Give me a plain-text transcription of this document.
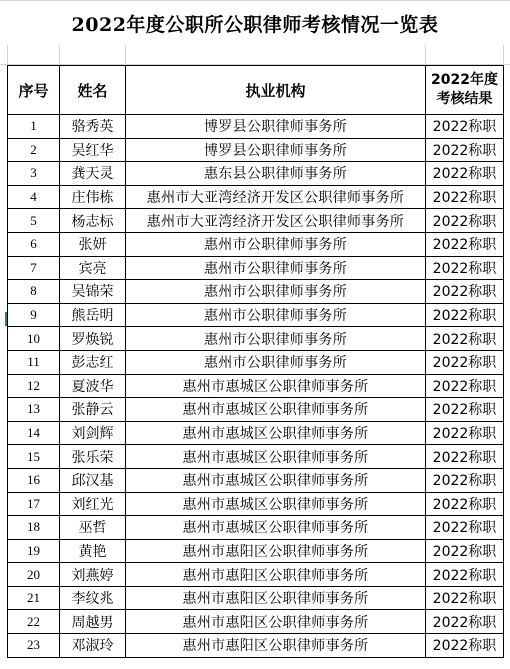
2022年度公职所公职律师考核情况一览表
序号	姓名	执业机构	2022年度
考核结果

1	骆秀英	博罗县公职律师事务所	2022称职
2	吴红华	博罗县公职律师事务所	2022称职
3	龚天灵	惠东县公职律师事务所	2022称职
4	庄伟栋	惠州市大亚湾经济开发区公职律师事务所	2022称职
5	杨志标	惠州市大亚湾经济开发区公职律师事务所	2022称职
6	张妍	惠州市公职律师事务所	2022称职
7	宾亮	惠州市公职律师事务所	2022称职
8	吴锦荣	惠州市公职律师事务所	2022称职
9	熊岳明	惠州市公职律师事务所	2022称职
10	罗焕锐	惠州市公职律师事务所	2022称职
11	彭志红	惠州市公职律师事务所	2022称职
12	夏波华	惠州市惠城区公职律师事务所	2022称职
13	张静云	惠州市惠城区公职律师事务所	2022称职
14	刘剑辉	惠州市惠城区公职律师事务所	2022称职
15	张乐荣	惠州市惠城区公职律师事务所	2022称职
16	邱汉基	惠州市惠城区公职律师事务所	2022称职
17	刘红光	惠州市惠城区公职律师事务所	2022称职
18	巫哲	惠州市惠城区公职律师事务所	2022称职
19	黄艳	惠州市惠阳区公职律师事务所	2022称职
20	刘燕婷	惠州市惠阳区公职律师事务所	2022称职
21	李纹兆	惠州市惠阳区公职律师事务所	2022称职
22	周越男	惠州市惠阳区公职律师事务所	2022称职
23	邓淑玲	惠州市惠阳区公职律师事务所	2022称职
